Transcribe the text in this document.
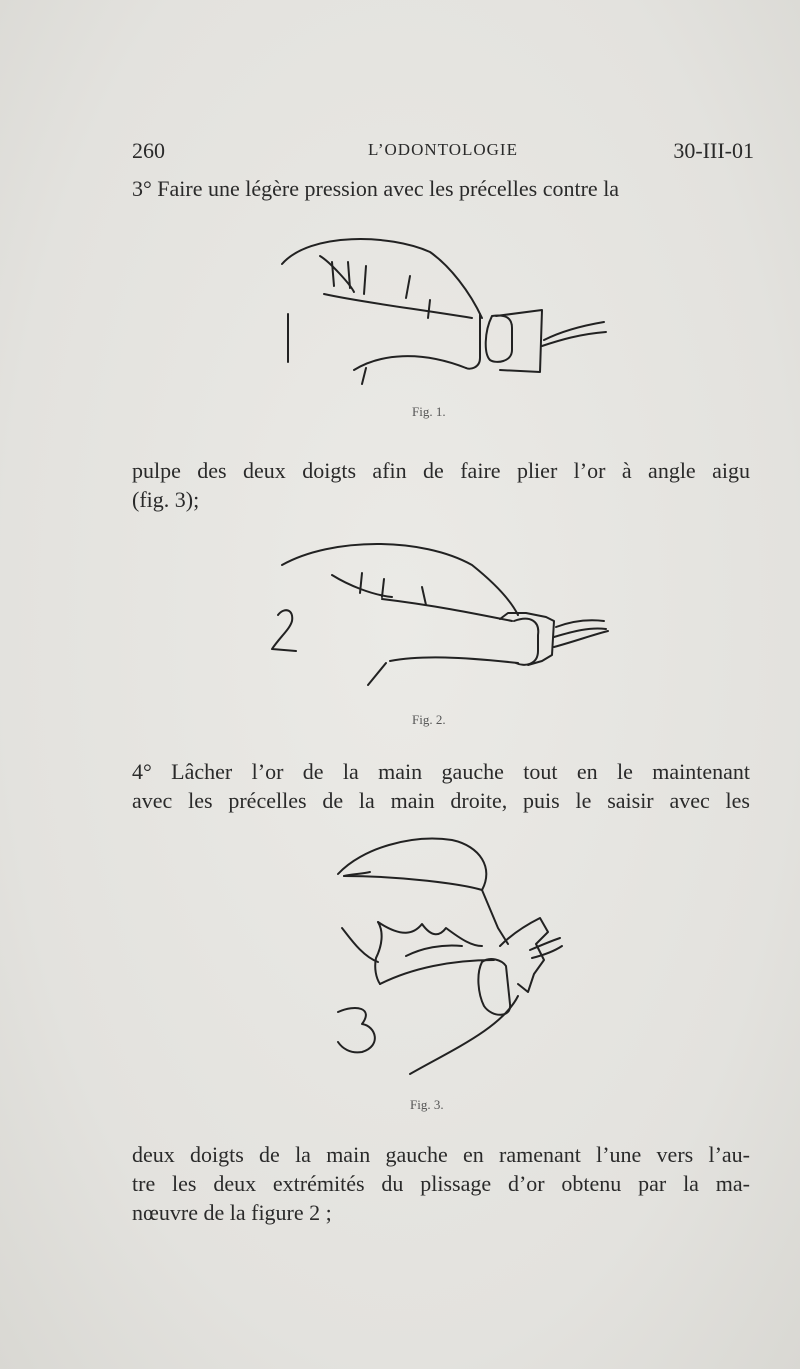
260	L’ODONTOLOGIE	30-III-01

3° Faire une légère pression avec les précelles contre la

Fig. 1.

pulpe des deux doigts afin de faire plier l’or à angle aigu
(fig. 3);

Fig. 2.

4° Lâcher l’or de la main gauche tout en le maintenant
avec les précelles de la main droite, puis le saisir avec les

Fig. 3.

deux doigts de la main gauche en ramenant l’une vers l’au-
tre les deux extrémités du plissage d’or obtenu par la ma-
nœuvre de la figure 2 ;
